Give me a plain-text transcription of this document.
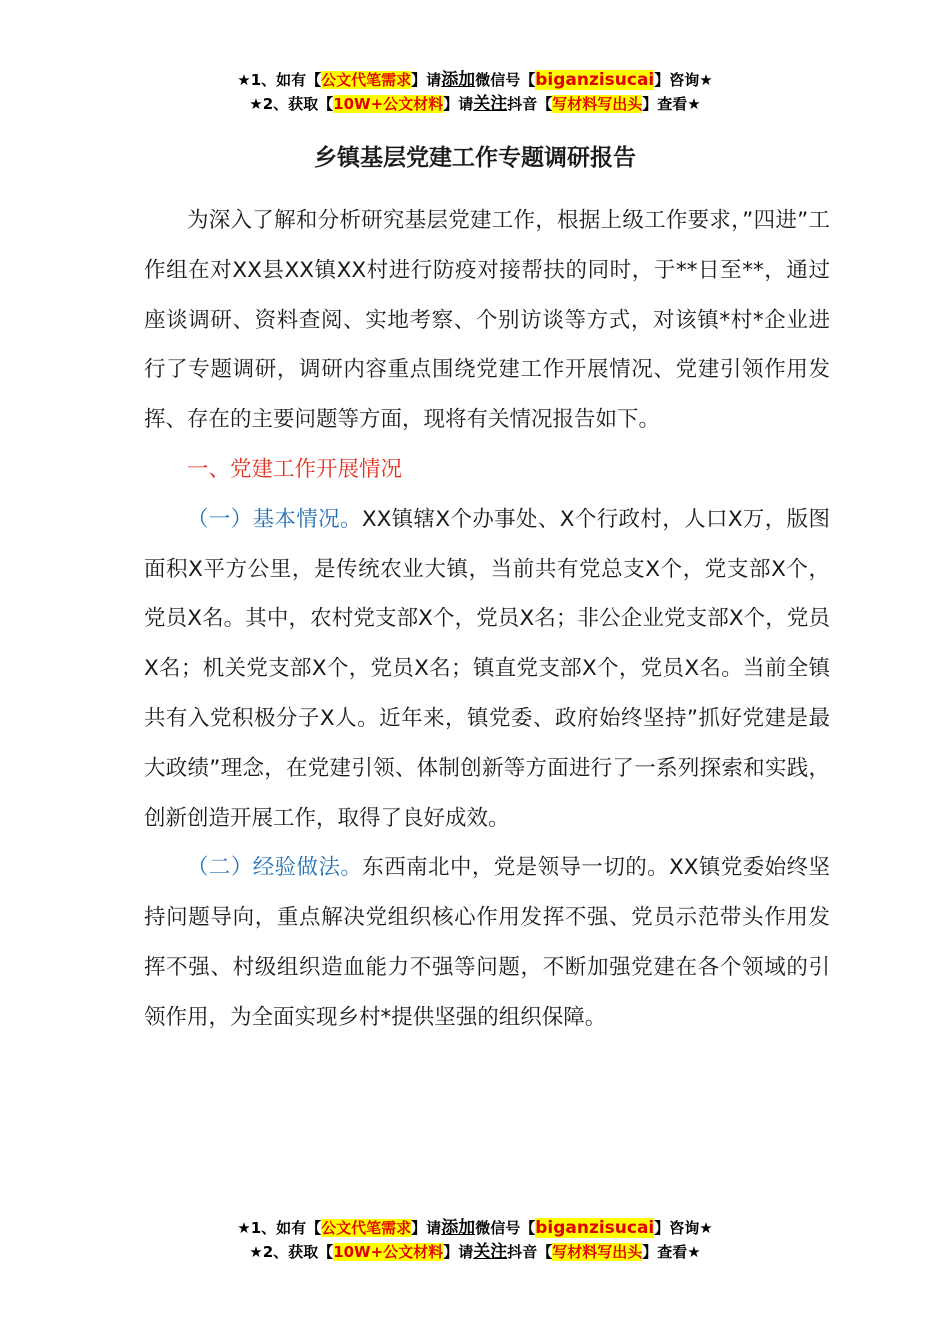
★1、如有【公文代笔需求】请添加微信号【biganzisucai】咨询★
★2、获取【10W+公文材料】请关注抖音【写材料写出头】查看★
乡镇基层党建工作专题调研报告

为深入了解和分析研究基层党建工作，根据上级工作要求，”四进”工作组在对XX县XX镇XX村进行防疫对接帮扶的同时，于**日至**，通过座谈调研、资料查阅、实地考察、个别访谈等方式，对该镇*村*企业进行了专题调研，调研内容重点围绕党建工作开展情况、党建引领作用发挥、存在的主要问题等方面，现将有关情况报告如下。

一、党建工作开展情况

（一）基本情况。XX镇辖X个办事处、X个行政村，人口X万，版图面积X平方公里，是传统农业大镇，当前共有党总支X个，党支部X个，党员X名。其中，农村党支部X个，党员X名；非公企业党支部X个，党员X名；机关党支部X个，党员X名；镇直党支部X个，党员X名。当前全镇共有入党积极分子X人。近年来，镇党委、政府始终坚持”抓好党建是最大政绩”理念，在党建引领、体制创新等方面进行了一系列探索和实践，创新创造开展工作，取得了良好成效。

（二）经验做法。东西南北中，党是领导一切的。XX镇党委始终坚持问题导向，重点解决党组织核心作用发挥不强、党员示范带头作用发挥不强、村级组织造血能力不强等问题，不断加强党建在各个领域的引领作用，为全面实现乡村*提供坚强的组织保障。

★1、如有【公文代笔需求】请添加微信号【biganzisucai】咨询★
★2、获取【10W+公文材料】请关注抖音【写材料写出头】查看★
